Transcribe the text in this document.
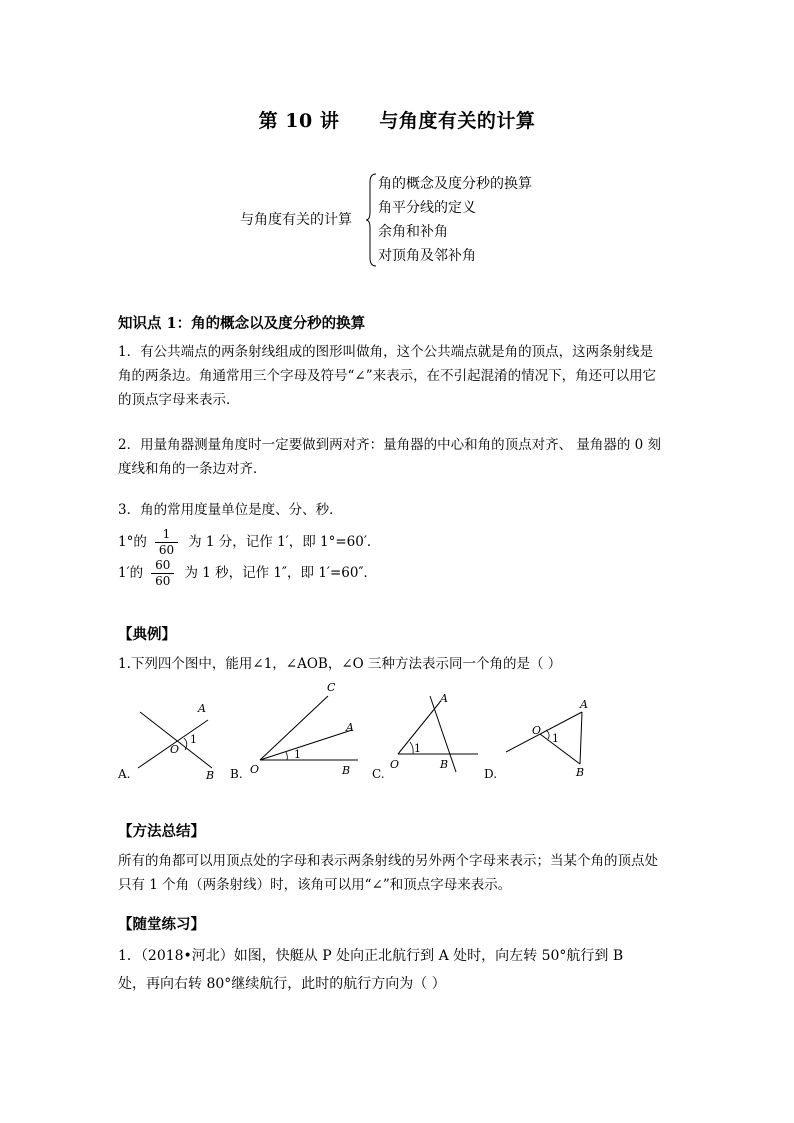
第 10 讲 与角度有关的计算
与角度有关的计算
角的概念及度分秒的换算
角平分线的定义
余角和补角
对顶角及邻补角
知识点 1：角的概念以及度分秒的换算
1．有公共端点的两条射线组成的图形叫做角，这个公共端点就是角的顶点，这两条射线是
角的两条边。角通常用三个字母及符号“∠”来表示，在不引起混淆的情况下，角还可以用它
的顶点字母来表示．
2．用量角器测量角度时一定要做到两对齐：量角器的中心和角的顶点对齐、 量角器的 0 刻
度线和角的一条边对齐．
3．角的常用度量单位是度、分、秒．
1°的 $\frac{1}{60}$ 为 1 分，记作 1′，即 1°=60′．
1′的 $\frac{60}{60}$ 为 1 秒，记作 1″，即 1′=60″．
【典例】
1.下列四个图中，能用∠1，∠AOB，∠O 三种方法表示同一个角的是（ ）
A
O
1
B
A.
C
A
1
O	B
B.
A
1
O	B
C.
A
O
1
B
D.
【方法总结】
所有的角都可以用顶点处的字母和表示两条射线的另外两个字母来表示；当某个角的顶点处
只有 1 个角（两条射线）时，该角可以用“∠”和顶点字母来表示。
【随堂练习】
1．（2018•河北）如图，快艇从 P 处向正北航行到 A 处时，向左转 50°航行到 B
处，再向右转 80°继续航行，此时的航行方向为（ ）
